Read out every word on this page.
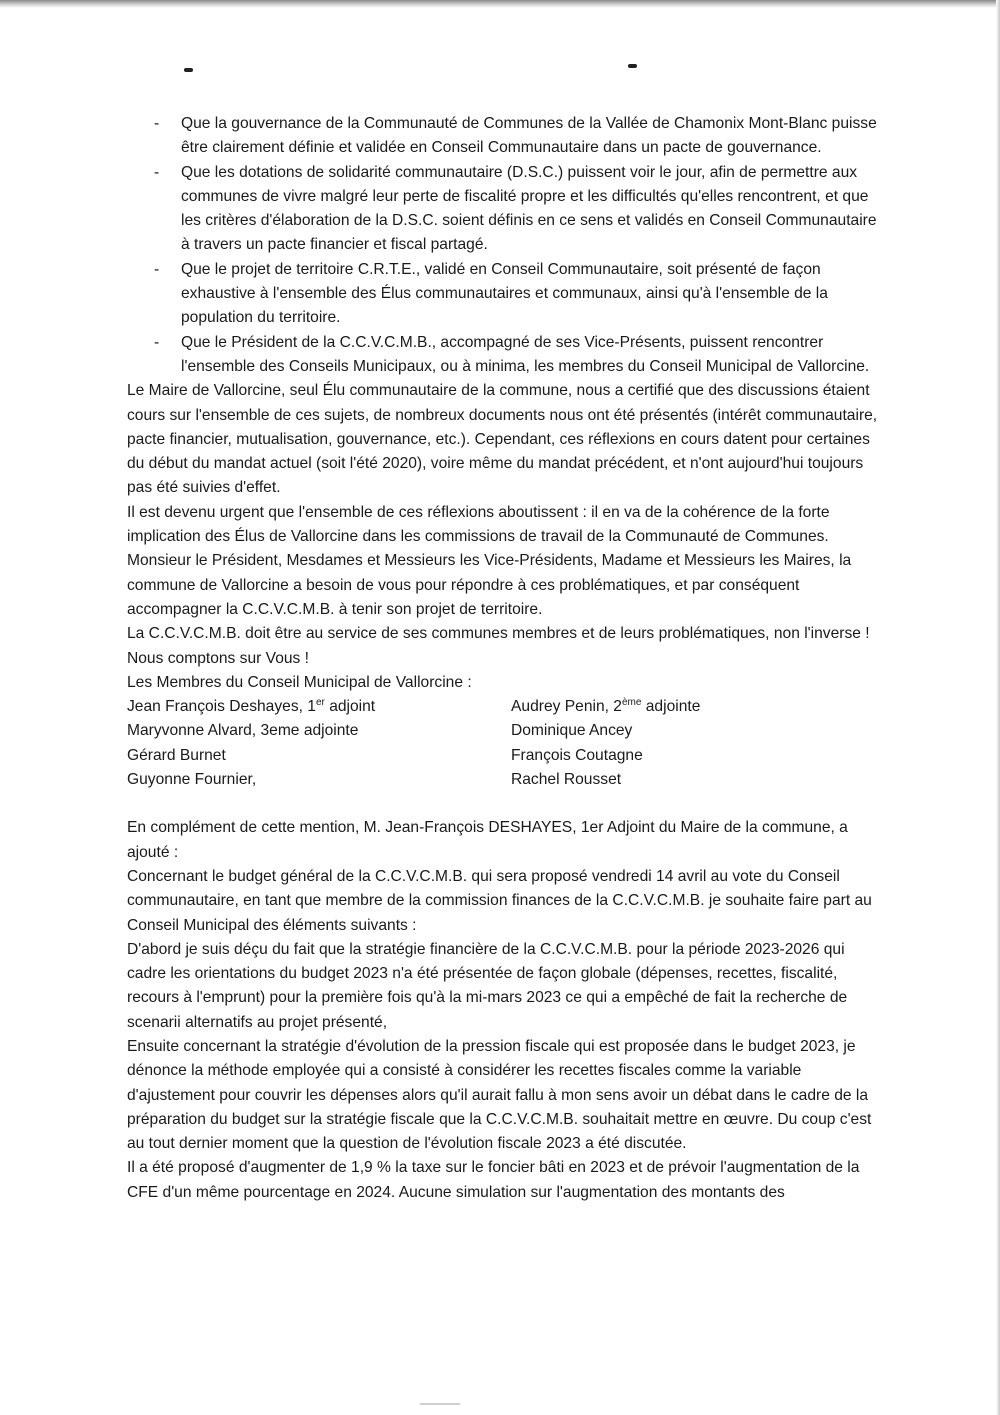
- Que la gouvernance de la Communauté de Communes de la Vallée de Chamonix Mont-Blanc puisse être clairement définie et validée en Conseil Communautaire dans un pacte de gouvernance.
- Que les dotations de solidarité communautaire (D.S.C.) puissent voir le jour, afin de permettre aux communes de vivre malgré leur perte de fiscalité propre et les difficultés qu'elles rencontrent, et que les critères d'élaboration de la D.S.C. soient définis en ce sens et validés en Conseil Communautaire à travers un pacte financier et fiscal partagé.
- Que le projet de territoire C.R.T.E., validé en Conseil Communautaire, soit présenté de façon exhaustive à l'ensemble des Élus communautaires et communaux, ainsi qu'à l'ensemble de la population du territoire.
- Que le Président de la C.C.V.C.M.B., accompagné de ses Vice-Présents, puissent rencontrer l'ensemble des Conseils Municipaux, ou à minima, les membres du Conseil Municipal de Vallorcine.

Le Maire de Vallorcine, seul Élu communautaire de la commune, nous a certifié que des discussions étaient cours sur l'ensemble de ces sujets, de nombreux documents nous ont été présentés (intérêt communautaire, pacte financier, mutualisation, gouvernance, etc.). Cependant, ces réflexions en cours datent pour certaines du début du mandat actuel (soit l'été 2020), voire même du mandat précédent, et n'ont aujourd'hui toujours pas été suivies d'effet.

Il est devenu urgent que l'ensemble de ces réflexions aboutissent : il en va de la cohérence de la forte implication des Élus de Vallorcine dans les commissions de travail de la Communauté de Communes.

Monsieur le Président, Mesdames et Messieurs les Vice-Présidents, Madame et Messieurs les Maires, la commune de Vallorcine a besoin de vous pour répondre à ces problématiques, et par conséquent accompagner la C.C.V.C.M.B. à tenir son projet de territoire.

La C.C.V.C.M.B. doit être au service de ses communes membres et de leurs problématiques, non l'inverse ! Nous comptons sur Vous !

Les Membres du Conseil Municipal de Vallorcine :

Jean François Deshayes, 1er adjoint
Maryvonne Alvard, 3eme adjointe
Gérard Burnet
Guyonne Fournier,
Audrey Penin, 2ème adjointe
Dominique Ancey
François Coutagne
Rachel Rousset

En complément de cette mention, M. Jean-François DESHAYES, 1er Adjoint du Maire de la commune, a ajouté :

Concernant le budget général de la C.C.V.C.M.B. qui sera proposé vendredi 14 avril au vote du Conseil communautaire, en tant que membre de la commission finances de la C.C.V.C.M.B. je souhaite faire part au Conseil Municipal des éléments suivants :

D'abord je suis déçu du fait que la stratégie financière de la C.C.V.C.M.B. pour la période 2023-2026 qui cadre les orientations du budget 2023 n'a été présentée de façon globale (dépenses, recettes, fiscalité, recours à l'emprunt) pour la première fois qu'à la mi-mars 2023 ce qui a empêché de fait la recherche de scenarii alternatifs au projet présenté,

Ensuite concernant la stratégie d'évolution de la pression fiscale qui est proposée dans le budget 2023, je dénonce la méthode employée qui a consisté à considérer les recettes fiscales comme la variable d'ajustement pour couvrir les dépenses alors qu'il aurait fallu à mon sens avoir un débat dans le cadre de la préparation du budget sur la stratégie fiscale que la C.C.V.C.M.B. souhaitait mettre en œuvre. Du coup c'est au tout dernier moment que la question de l'évolution fiscale 2023 a été discutée.

Il a été proposé d'augmenter de 1,9 % la taxe sur le foncier bâti en 2023 et de prévoir l'augmentation de la CFE d'un même pourcentage en 2024. Aucune simulation sur l'augmentation des montants des
